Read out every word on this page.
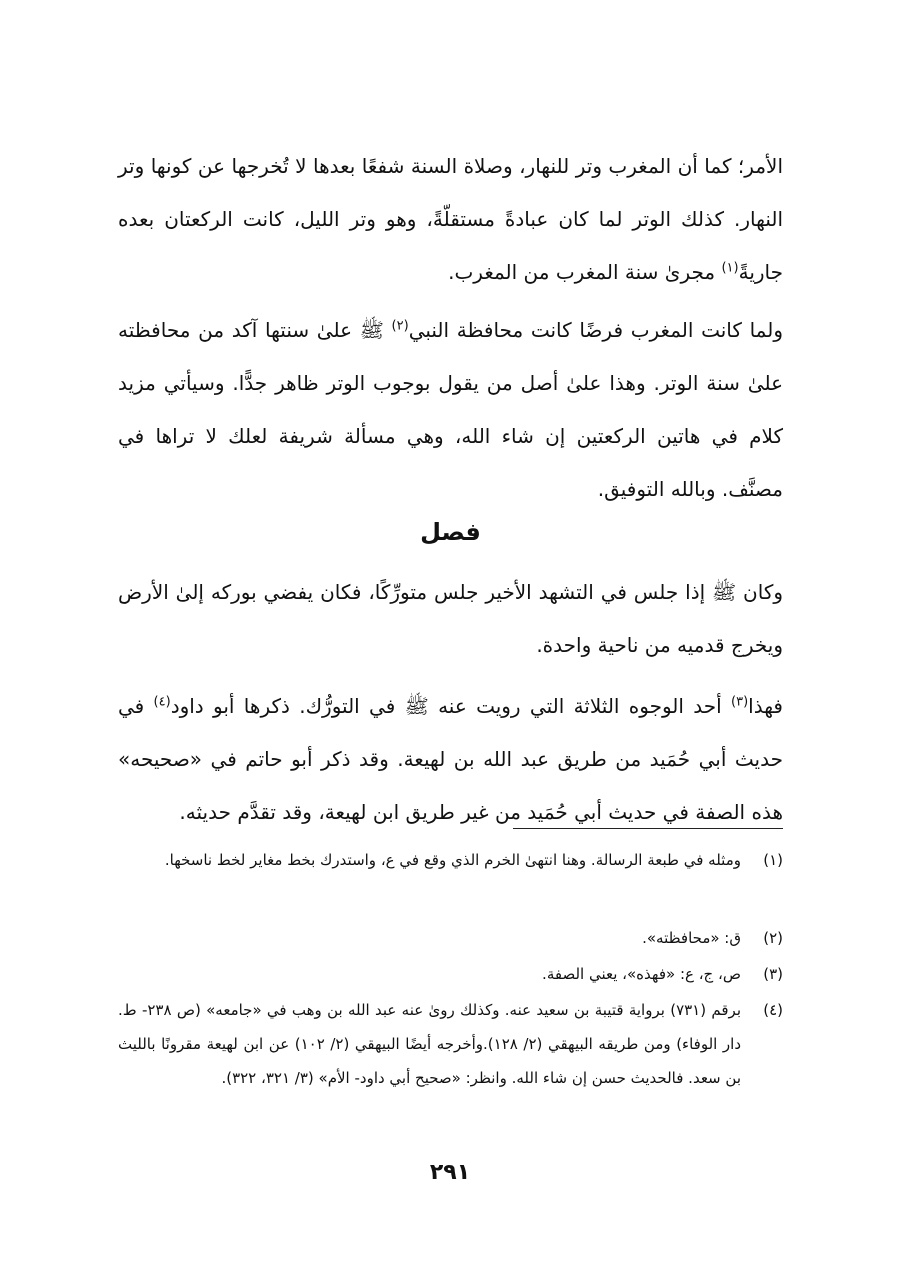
الأمر؛ كما أن المغرب وتر للنهار، وصلاة السنة شفعًا بعدها لا تُخرجها عن كونها وتر النهار. كذلك الوتر لما كان عبادةً مستقلّةً، وهو وتر الليل، كانت الركعتان بعده جاريةً$^{(١)}$ مجرىٰ سنة المغرب من المغرب.

ولما كانت المغرب فرضًا كانت محافظة النبي$^{(٢)}$ ﷺ علىٰ سنتها آكد من محافظته علىٰ سنة الوتر. وهذا علىٰ أصل من يقول بوجوب الوتر ظاهر جدًّا. وسيأتي مزيد كلام في هاتين الركعتين إن شاء الله، وهي مسألة شريفة لعلك لا تراها في مصنَّف. وبالله التوفيق.

فصل

وكان ﷺ إذا جلس في التشهد الأخير جلس متورِّكًا، فكان يفضي بوركه إلىٰ الأرض ويخرج قدميه من ناحية واحدة.

فهذا$^{(٣)}$ أحد الوجوه الثلاثة التي رويت عنه ﷺ في التورُّك. ذكرها أبو داود$^{(٤)}$ في حديث أبي حُمَيد من طريق عبد الله بن لهيعة. وقد ذكر أبو حاتم في «صحيحه» هذه الصفة في حديث أبي حُمَيد من غير طريق ابن لهيعة، وقد تقدَّم حديثه.

(١)
ومثله في طبعة الرسالة. وهنا انتهىٰ الخرم الذي وقع في ع، واستدرك بخط مغاير لخط ناسخها.
(٢)
ق: «محافظته».
(٣)
ص، ج، ع: «فهذه»، يعني الصفة.
(٤)
برقم (٧٣١) برواية قتيبة بن سعيد عنه. وكذلك روىٰ عنه عبد الله بن وهب في «جامعه» (ص ٢٣٨- ط. دار الوفاء) ومن طريقه البيهقي (٢/ ١٢٨).وأخرجه أيضًا البيهقي (٢/ ١٠٢) عن ابن لهيعة مقرونًا بالليث بن سعد. فالحديث حسن إن شاء الله. وانظر: «صحيح أبي داود- الأم» (٣/ ٣٢١، ٣٢٢).

٢٩١
